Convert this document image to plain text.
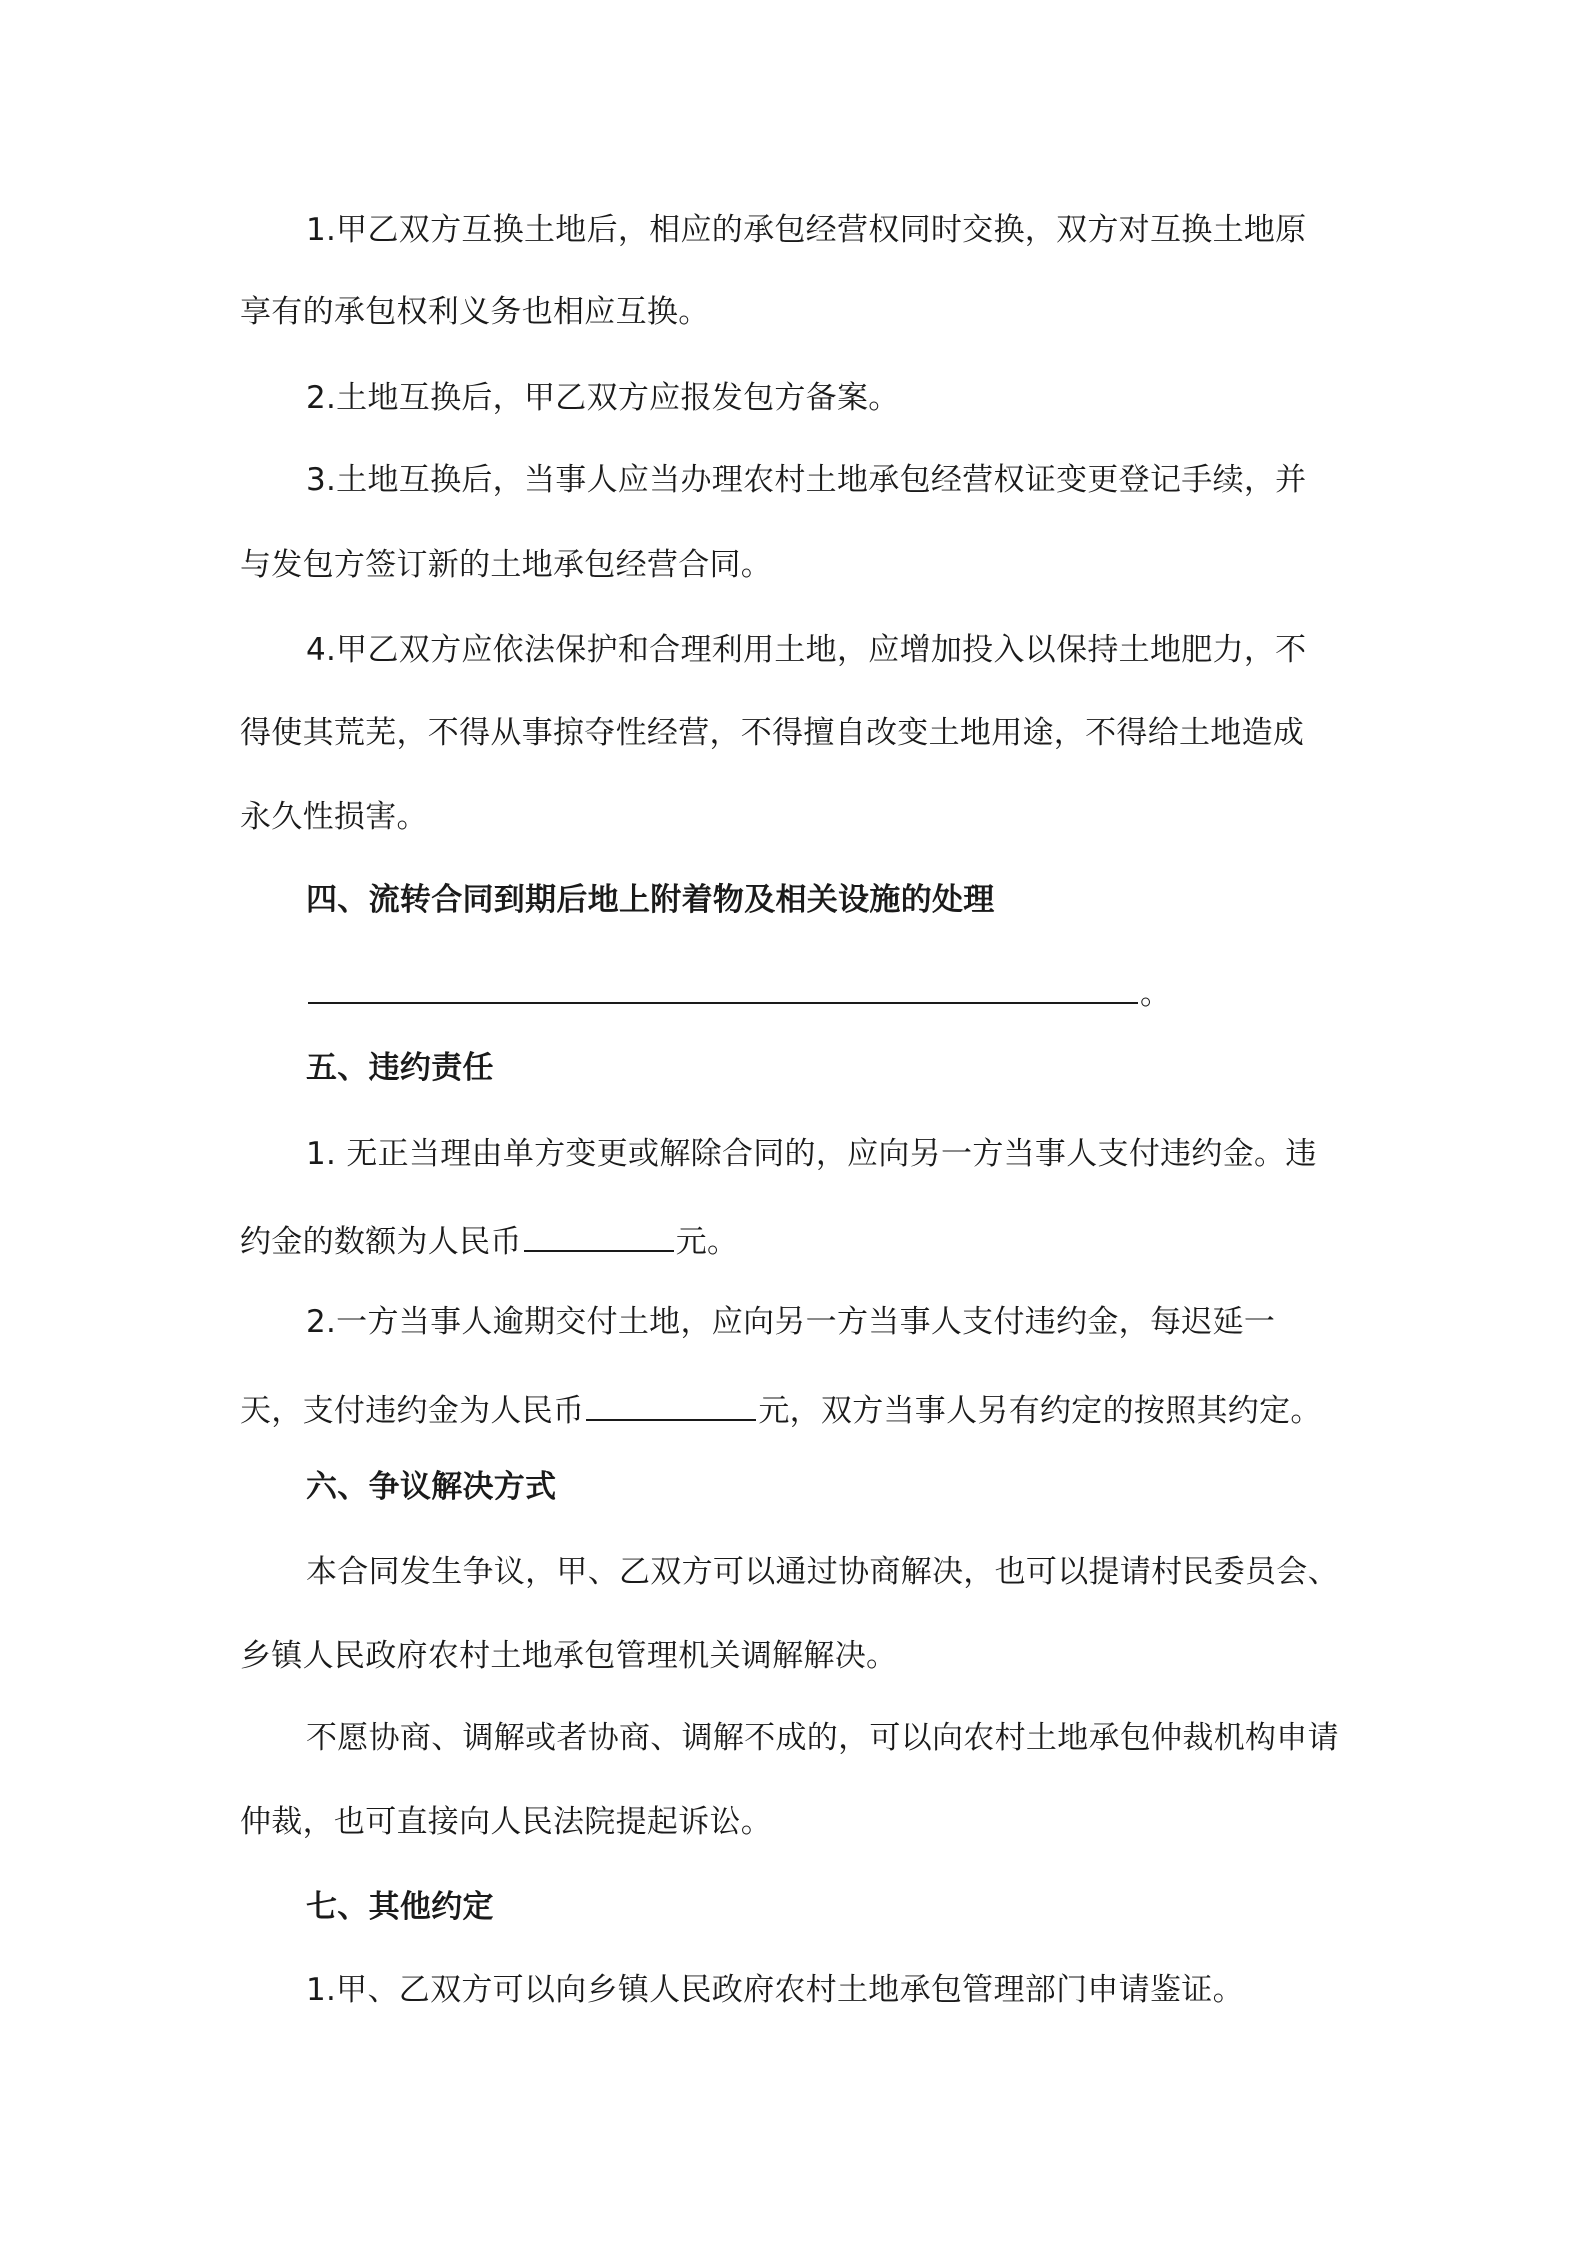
1.甲乙双方互换土地后，相应的承包经营权同时交换，双方对互换土地原
享有的承包权利义务也相应互换。
2.土地互换后，甲乙双方应报发包方备案。
3.土地互换后，当事人应当办理农村土地承包经营权证变更登记手续，并
与发包方签订新的土地承包经营合同。
4.甲乙双方应依法保护和合理利用土地，应增加投入以保持土地肥力，不
得使其荒芜，不得从事掠夺性经营，不得擅自改变土地用途，不得给土地造成
永久性损害。
四、流转合同到期后地上附着物及相关设施的处理
。
五、违约责任
1. 无正当理由单方变更或解除合同的，应向另一方当事人支付违约金。违
约金的数额为人民币	元。
2.一方当事人逾期交付土地，应向另一方当事人支付违约金，每迟延一
天，支付违约金为人民币	元，双方当事人另有约定的按照其约定。
六、争议解决方式
本合同发生争议，甲、乙双方可以通过协商解决，也可以提请村民委员会、
乡镇人民政府农村土地承包管理机关调解解决。
不愿协商、调解或者协商、调解不成的，可以向农村土地承包仲裁机构申请
仲裁，也可直接向人民法院提起诉讼。
七、其他约定
1.甲、乙双方可以向乡镇人民政府农村土地承包管理部门申请鉴证。
